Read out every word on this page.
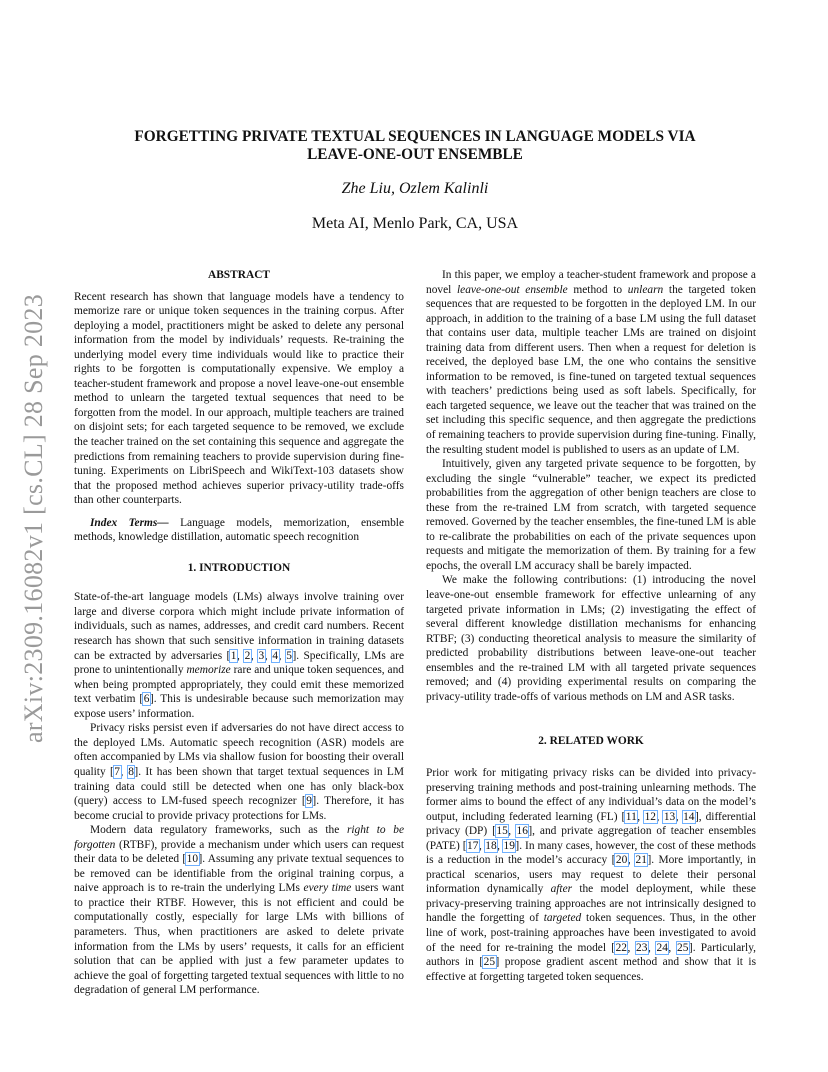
arXiv:2309.16082v1 [cs.CL] 28 Sep 2023
FORGETTING PRIVATE TEXTUAL SEQUENCES IN LANGUAGE MODELS VIA
LEAVE-ONE-OUT ENSEMBLE
Zhe Liu, Ozlem Kalinli
Meta AI, Menlo Park, CA, USA
ABSTRACT

Recent research has shown that language models have a tendency to memorize rare or unique token sequences in the training corpus. After deploying a model, practitioners might be asked to delete any personal information from the model by individuals’ requests. Re-training the underlying model every time individuals would like to practice their rights to be forgotten is computationally expensive. We employ a teacher-student framework and propose a novel leave-one-out ensemble method to unlearn the targeted textual sequences that need to be forgotten from the model. In our approach, multiple teachers are trained on disjoint sets; for each targeted sequence to be removed, we exclude the teacher trained on the set containing this sequence and aggregate the predictions from remaining teachers to provide supervision during fine-tuning. Experiments on LibriSpeech and WikiText-103 datasets show that the proposed method achieves superior privacy-utility trade-offs than other counterparts.

Index Terms— Language models, memorization, ensemble methods, knowledge distillation, automatic speech recognition

1. INTRODUCTION

State-of-the-art language models (LMs) always involve training over large and diverse corpora which might include private information of individuals, such as names, addresses, and credit card numbers. Recent research has shown that such sensitive information in training datasets can be extracted by adversaries [1, 2, 3, 4, 5]. Specifically, LMs are prone to unintentionally memorize rare and unique token sequences, and when being prompted appropriately, they could emit these memorized text verbatim [6]. This is undesirable because such memorization may expose users’ information.

Privacy risks persist even if adversaries do not have direct access to the deployed LMs. Automatic speech recognition (ASR) models are often accompanied by LMs via shallow fusion for boosting their overall quality [7, 8]. It has been shown that target textual sequences in LM training data could still be detected when one has only black-box (query) access to LM-fused speech recognizer [9]. Therefore, it has become crucial to provide privacy protections for LMs.

Modern data regulatory frameworks, such as the right to be forgotten (RTBF), provide a mechanism under which users can request their data to be deleted [10]. Assuming any private textual sequences to be removed can be identifiable from the original training corpus, a naive approach is to re-train the underlying LMs every time users want to practice their RTBF. However, this is not efficient and could be computationally costly, especially for large LMs with billions of parameters. Thus, when practitioners are asked to delete private information from the LMs by users’ requests, it calls for an efficient solution that can be applied with just a few parameter updates to achieve the goal of forgetting targeted textual sequences with little to no degradation of general LM performance.

In this paper, we employ a teacher-student framework and propose a novel leave-one-out ensemble method to unlearn the targeted token sequences that are requested to be forgotten in the deployed LM. In our approach, in addition to the training of a base LM using the full dataset that contains user data, multiple teacher LMs are trained on disjoint training data from different users. Then when a request for deletion is received, the deployed base LM, the one who contains the sensitive information to be removed, is fine-tuned on targeted textual sequences with teachers’ predictions being used as soft labels. Specifically, for each targeted sequence, we leave out the teacher that was trained on the set including this specific sequence, and then aggregate the predictions of remaining teachers to provide supervision during fine-tuning. Finally, the resulting student model is published to users as an update of LM.

Intuitively, given any targeted private sequence to be forgotten, by excluding the single “vulnerable” teacher, we expect its predicted probabilities from the aggregation of other benign teachers are close to these from the re-trained LM from scratch, with targeted sequence removed. Governed by the teacher ensembles, the fine-tuned LM is able to re-calibrate the probabilities on each of the private sequences upon requests and mitigate the memorization of them. By training for a few epochs, the overall LM accuracy shall be barely impacted.

We make the following contributions: (1) introducing the novel leave-one-out ensemble framework for effective unlearning of any targeted private information in LMs; (2) investigating the effect of several different knowledge distillation mechanisms for enhancing RTBF; (3) conducting theoretical analysis to measure the similarity of predicted probability distributions between leave-one-out teacher ensembles and the re-trained LM with all targeted private sequences removed; and (4) providing experimental results on comparing the privacy-utility trade-offs of various methods on LM and ASR tasks.

2. RELATED WORK

Prior work for mitigating privacy risks can be divided into privacy-preserving training methods and post-training unlearning methods. The former aims to bound the effect of any individual’s data on the model’s output, including federated learning (FL) [11, 12, 13, 14], differential privacy (DP) [15, 16], and private aggregation of teacher ensembles (PATE) [17, 18, 19]. In many cases, however, the cost of these methods is a reduction in the model’s accuracy [20, 21]. More importantly, in practical scenarios, users may request to delete their personal information dynamically after the model deployment, while these privacy-preserving training approaches are not intrinsically designed to handle the forgetting of targeted token sequences. Thus, in the other line of work, post-training approaches have been investigated to avoid of the need for re-training the model [22, 23, 24, 25]. Particularly, authors in [25] propose gradient ascent method and show that it is effective at forgetting targeted token sequences.
